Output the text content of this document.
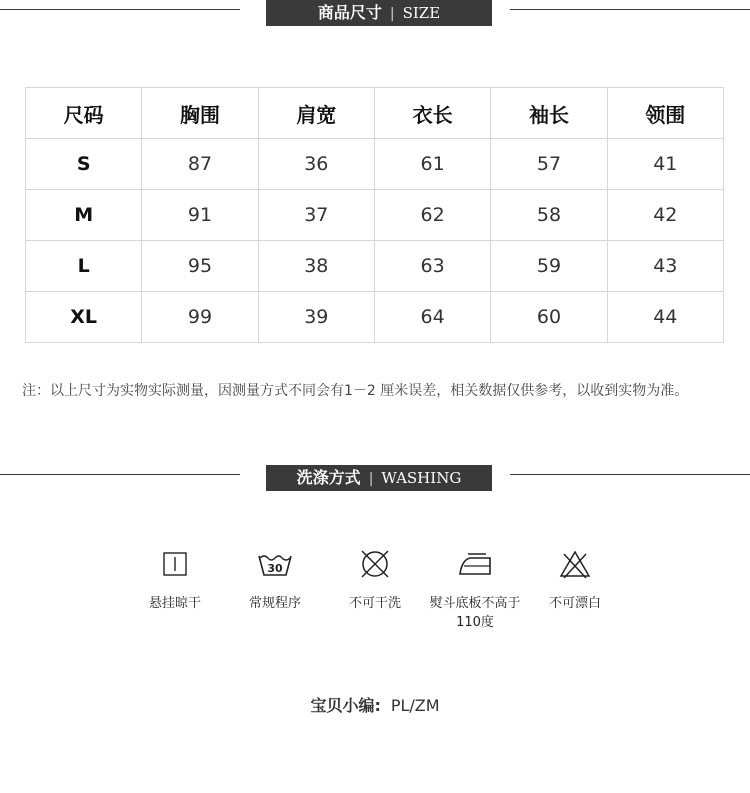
商品尺寸 | SIZE
尺码	胸围	肩宽	衣长	袖长	领围
S	87	36	61	57	41
M	91	37	62	58	42
L	95	38	63	59	43
XL	99	39	64	60	44
注：以上尺寸为实物实际测量，因测量方式不同会有1－2 厘米误差，相关数据仅供参考，以收到实物为准。
洗涤方式 | WASHING
悬挂晾干
30
常规程序	不可干洗	熨斗底板不高于
110度
不可漂白
宝贝小编: PL/ZM
